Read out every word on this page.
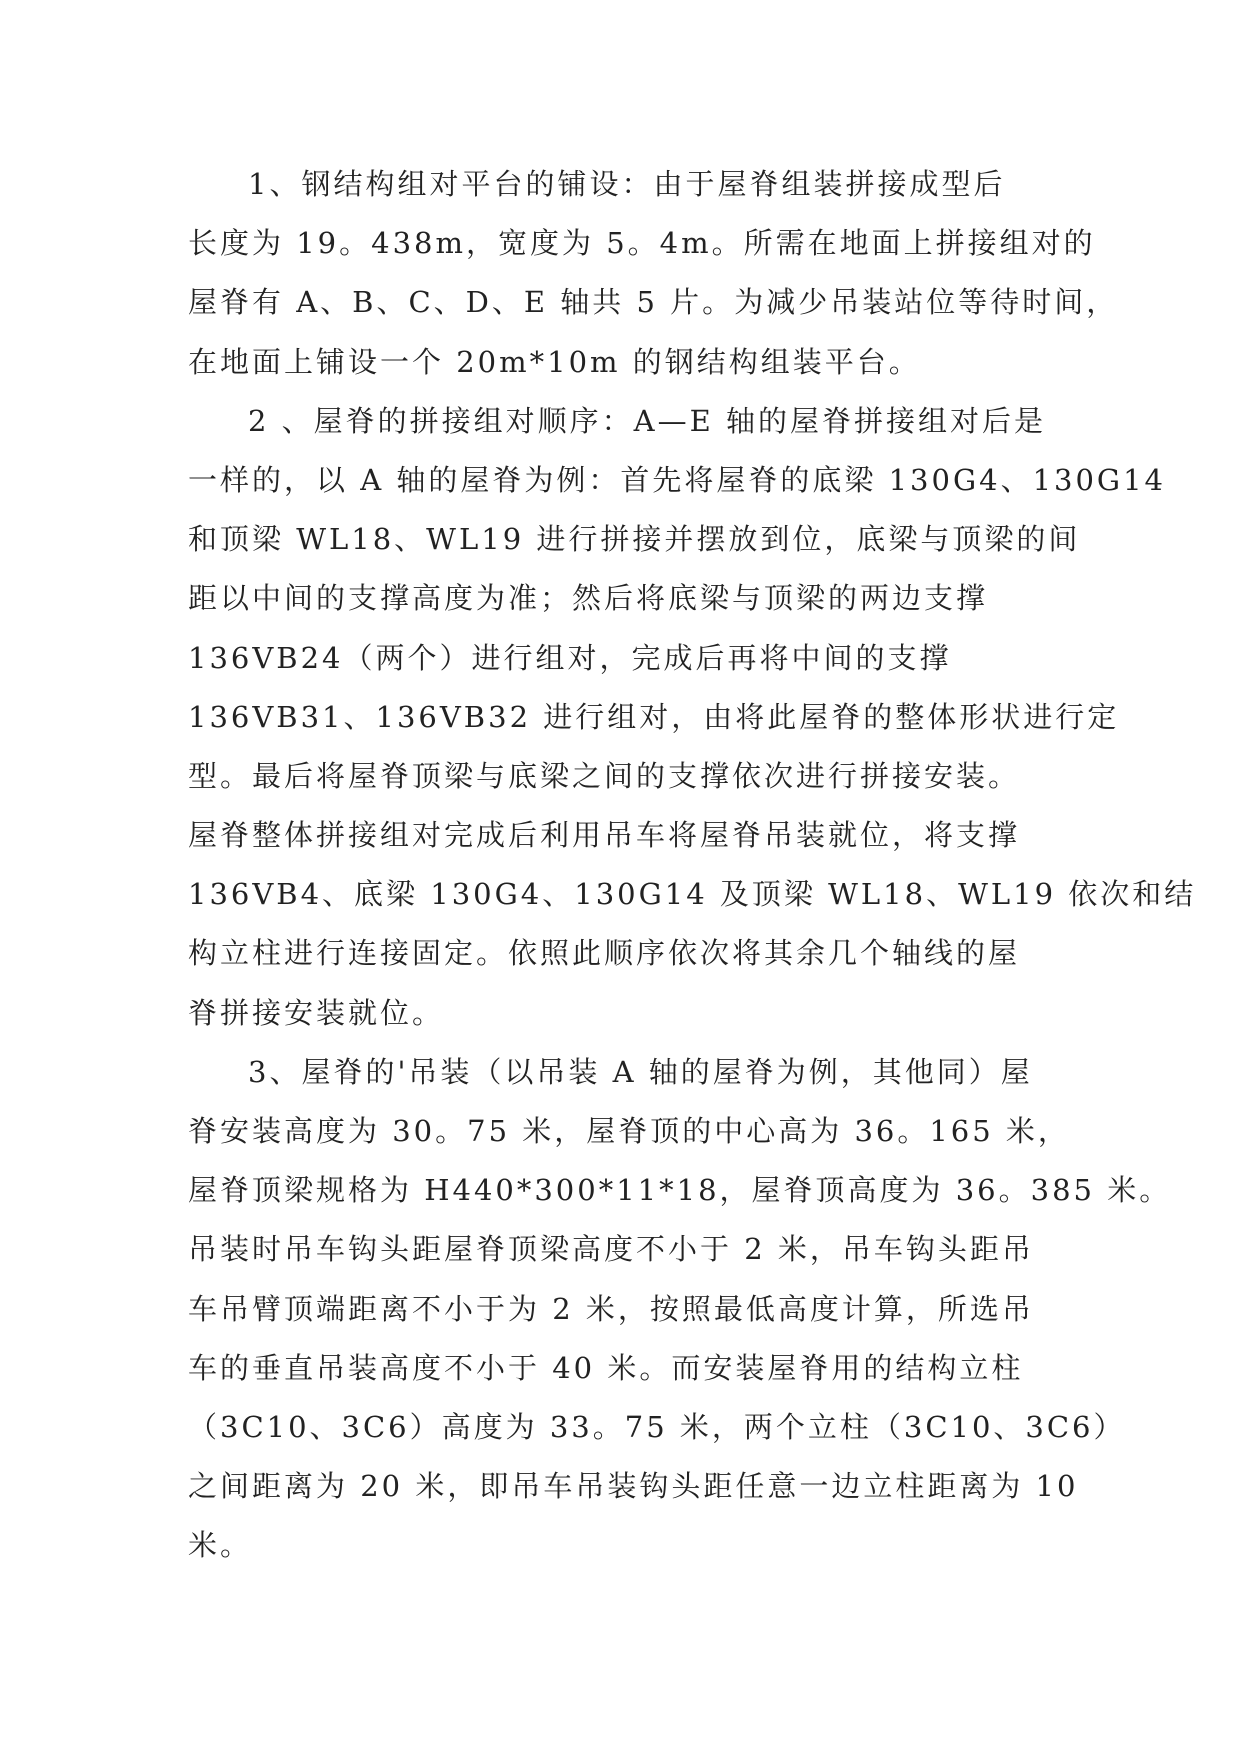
1、钢结构组对平台的铺设：由于屋脊组装拼接成型后
长度为 19。438m，宽度为 5。4m。所需在地面上拼接组对的
屋脊有 A、B、C、D、E 轴共 5 片。为减少吊装站位等待时间，
在地面上铺设一个 20m*10m 的钢结构组装平台。
2 、屋脊的拼接组对顺序：A—E 轴的屋脊拼接组对后是
一样的，以 A 轴的屋脊为例：首先将屋脊的底梁 130G4、130G14
和顶梁 WL18、WL19 进行拼接并摆放到位，底梁与顶梁的间
距以中间的支撑高度为准；然后将底梁与顶梁的两边支撑
136VB24（两个）进行组对，完成后再将中间的支撑
136VB31、136VB32 进行组对，由将此屋脊的整体形状进行定
型。最后将屋脊顶梁与底梁之间的支撑依次进行拼接安装。
屋脊整体拼接组对完成后利用吊车将屋脊吊装就位，将支撑
136VB4、底梁 130G4、130G14 及顶梁 WL18、WL19 依次和结
构立柱进行连接固定。依照此顺序依次将其余几个轴线的屋
脊拼接安装就位。
3、屋脊的'吊装（以吊装 A 轴的屋脊为例，其他同）屋
脊安装高度为 30。75 米，屋脊顶的中心高为 36。165 米，
屋脊顶梁规格为 H440*300*11*18，屋脊顶高度为 36。385 米。
吊装时吊车钩头距屋脊顶梁高度不小于 2 米，吊车钩头距吊
车吊臂顶端距离不小于为 2 米，按照最低高度计算，所选吊
车的垂直吊装高度不小于 40 米。而安装屋脊用的结构立柱
（3C10、3C6）高度为 33。75 米，两个立柱（3C10、3C6）
之间距离为 20 米，即吊车吊装钩头距任意一边立柱距离为 10
米。
